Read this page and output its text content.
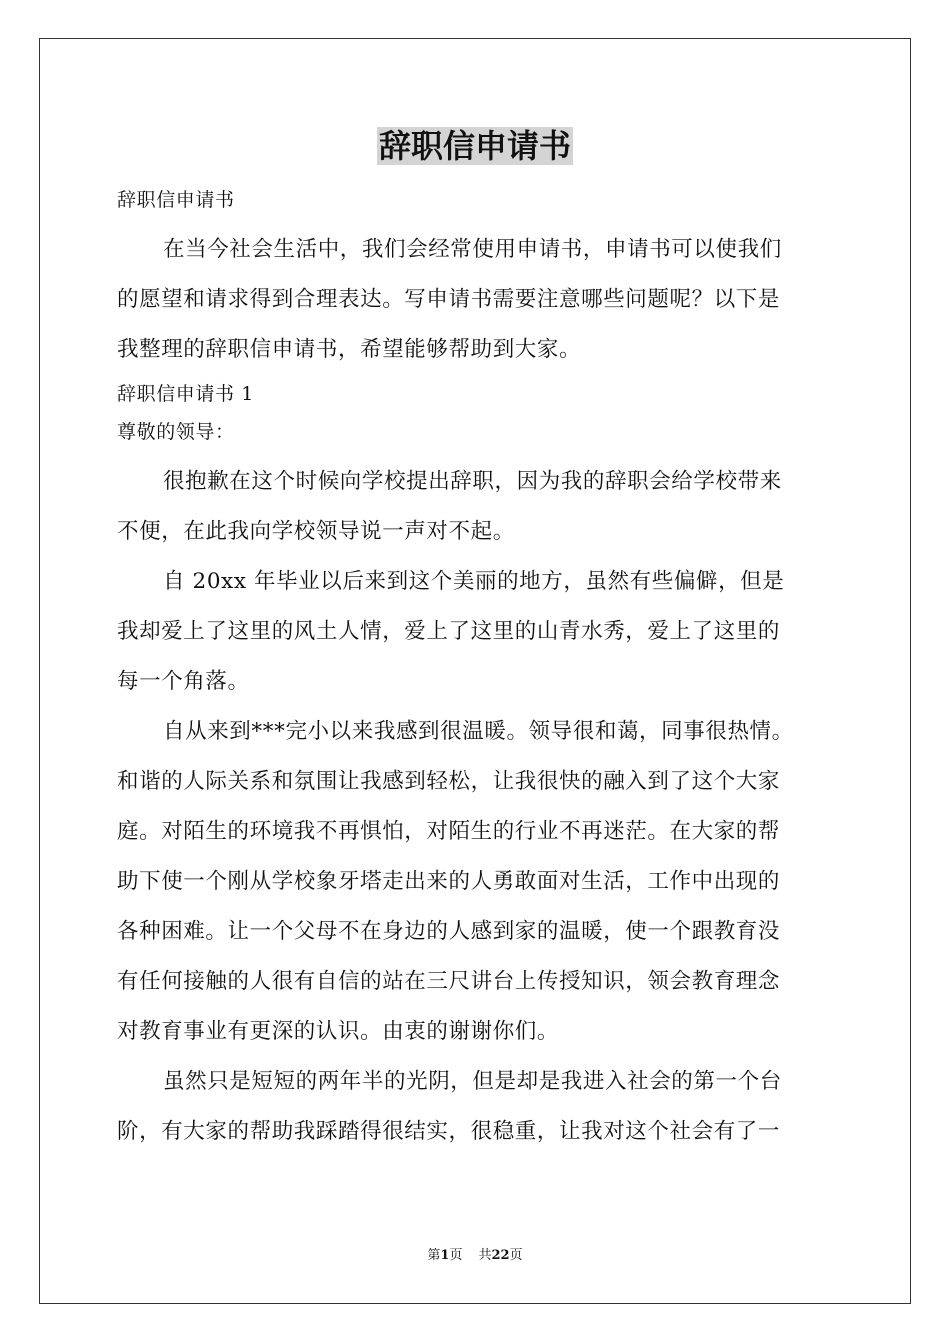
辞职信申请书
辞职信申请书
在当今社会生活中，我们会经常使用申请书，申请书可以使我们
的愿望和请求得到合理表达。写申请书需要注意哪些问题呢？以下是
我整理的辞职信申请书，希望能够帮助到大家。
辞职信申请书 1
尊敬的领导：
很抱歉在这个时候向学校提出辞职，因为我的辞职会给学校带来
不便，在此我向学校领导说一声对不起。
自 20xx 年毕业以后来到这个美丽的地方，虽然有些偏僻，但是
我却爱上了这里的风土人情，爱上了这里的山青水秀，爱上了这里的
每一个角落。
自从来到***完小以来我感到很温暖。领导很和蔼，同事很热情。
和谐的人际关系和氛围让我感到轻松，让我很快的融入到了这个大家
庭。对陌生的环境我不再惧怕，对陌生的行业不再迷茫。在大家的帮
助下使一个刚从学校象牙塔走出来的人勇敢面对生活，工作中出现的
各种困难。让一个父母不在身边的人感到家的温暖，使一个跟教育没
有任何接触的人很有自信的站在三尺讲台上传授知识，领会教育理念
对教育事业有更深的认识。由衷的谢谢你们。
虽然只是短短的两年半的光阴，但是却是我进入社会的第一个台
阶，有大家的帮助我踩踏得很结实，很稳重，让我对这个社会有了一
第1页 共22页
